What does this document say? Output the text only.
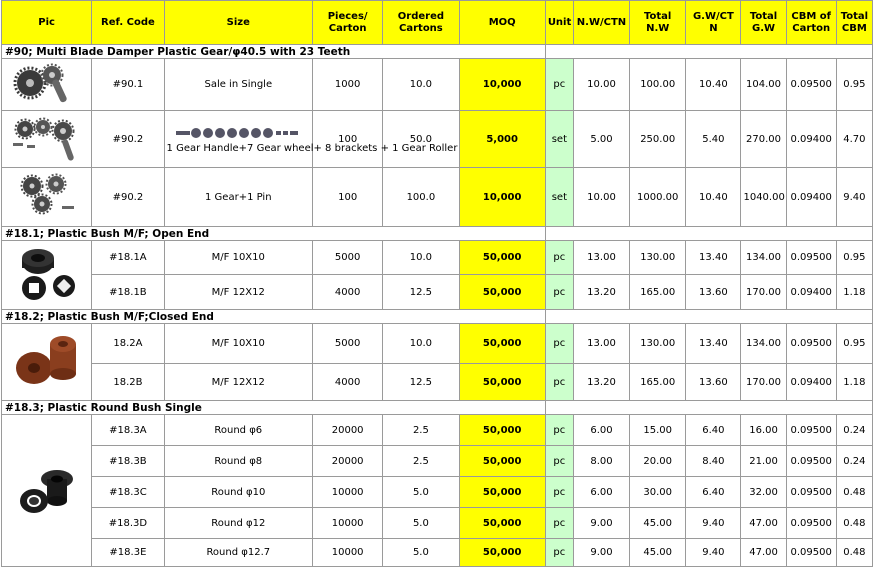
Pic	Ref. Code	Size	Pieces/ Carton	Ordered Cartons	MOQ	Unit	N.W/CTN	Total N.W	G.W/CT N	Total G.W	CBM of Carton	Total CBM
#90; Multi Blade Damper Plastic Gear/φ40.5 with 23 Teeth												

	#90.1	Sale in Single	1000	10.0	10,000	pc	10.00	100.00	10.40	104.00	0.09500	0.95

	#90.2	1 Gear Handle+7 Gear wheel+ 8 brackets + 1 Gear Roller	100	50.0	5,000	set	5.00	250.00	5.40	270.00	0.09400	4.70

	#90.2	1 Gear+1 Pin	100	100.0	10,000	set	10.00	1000.00	10.40	1040.00	0.09400	9.40
#18.1; Plastic Bush M/F; Open End												

	#18.1A	M/F 10X10	5000	10.0	50,000	pc	13.00	130.00	13.40	134.00	0.09500	0.95
	#18.1B	M/F 12X12	4000	12.5	50,000	pc	13.20	165.00	13.60	170.00	0.09400	1.18
#18.2; Plastic Bush M/F;Closed End												

	18.2A	M/F 10X10	5000	10.0	50,000	pc	13.00	130.00	13.40	134.00	0.09500	0.95
	18.2B	M/F 12X12	4000	12.5	50,000	pc	13.20	165.00	13.60	170.00	0.09400	1.18
#18.3; Plastic Round Bush Single												

	#18.3A	Round φ6	20000	2.5	50,000	pc	6.00	15.00	6.40	16.00	0.09500	0.24
	#18.3B	Round φ8	20000	2.5	50,000	pc	8.00	20.00	8.40	21.00	0.09500	0.24
	#18.3C	Round φ10	10000	5.0	50,000	pc	6.00	30.00	6.40	32.00	0.09500	0.48
	#18.3D	Round φ12	10000	5.0	50,000	pc	9.00	45.00	9.40	47.00	0.09500	0.48
	#18.3E	Round φ12.7	10000	5.0	50,000	pc	9.00	45.00	9.40	47.00	0.09500	0.48
